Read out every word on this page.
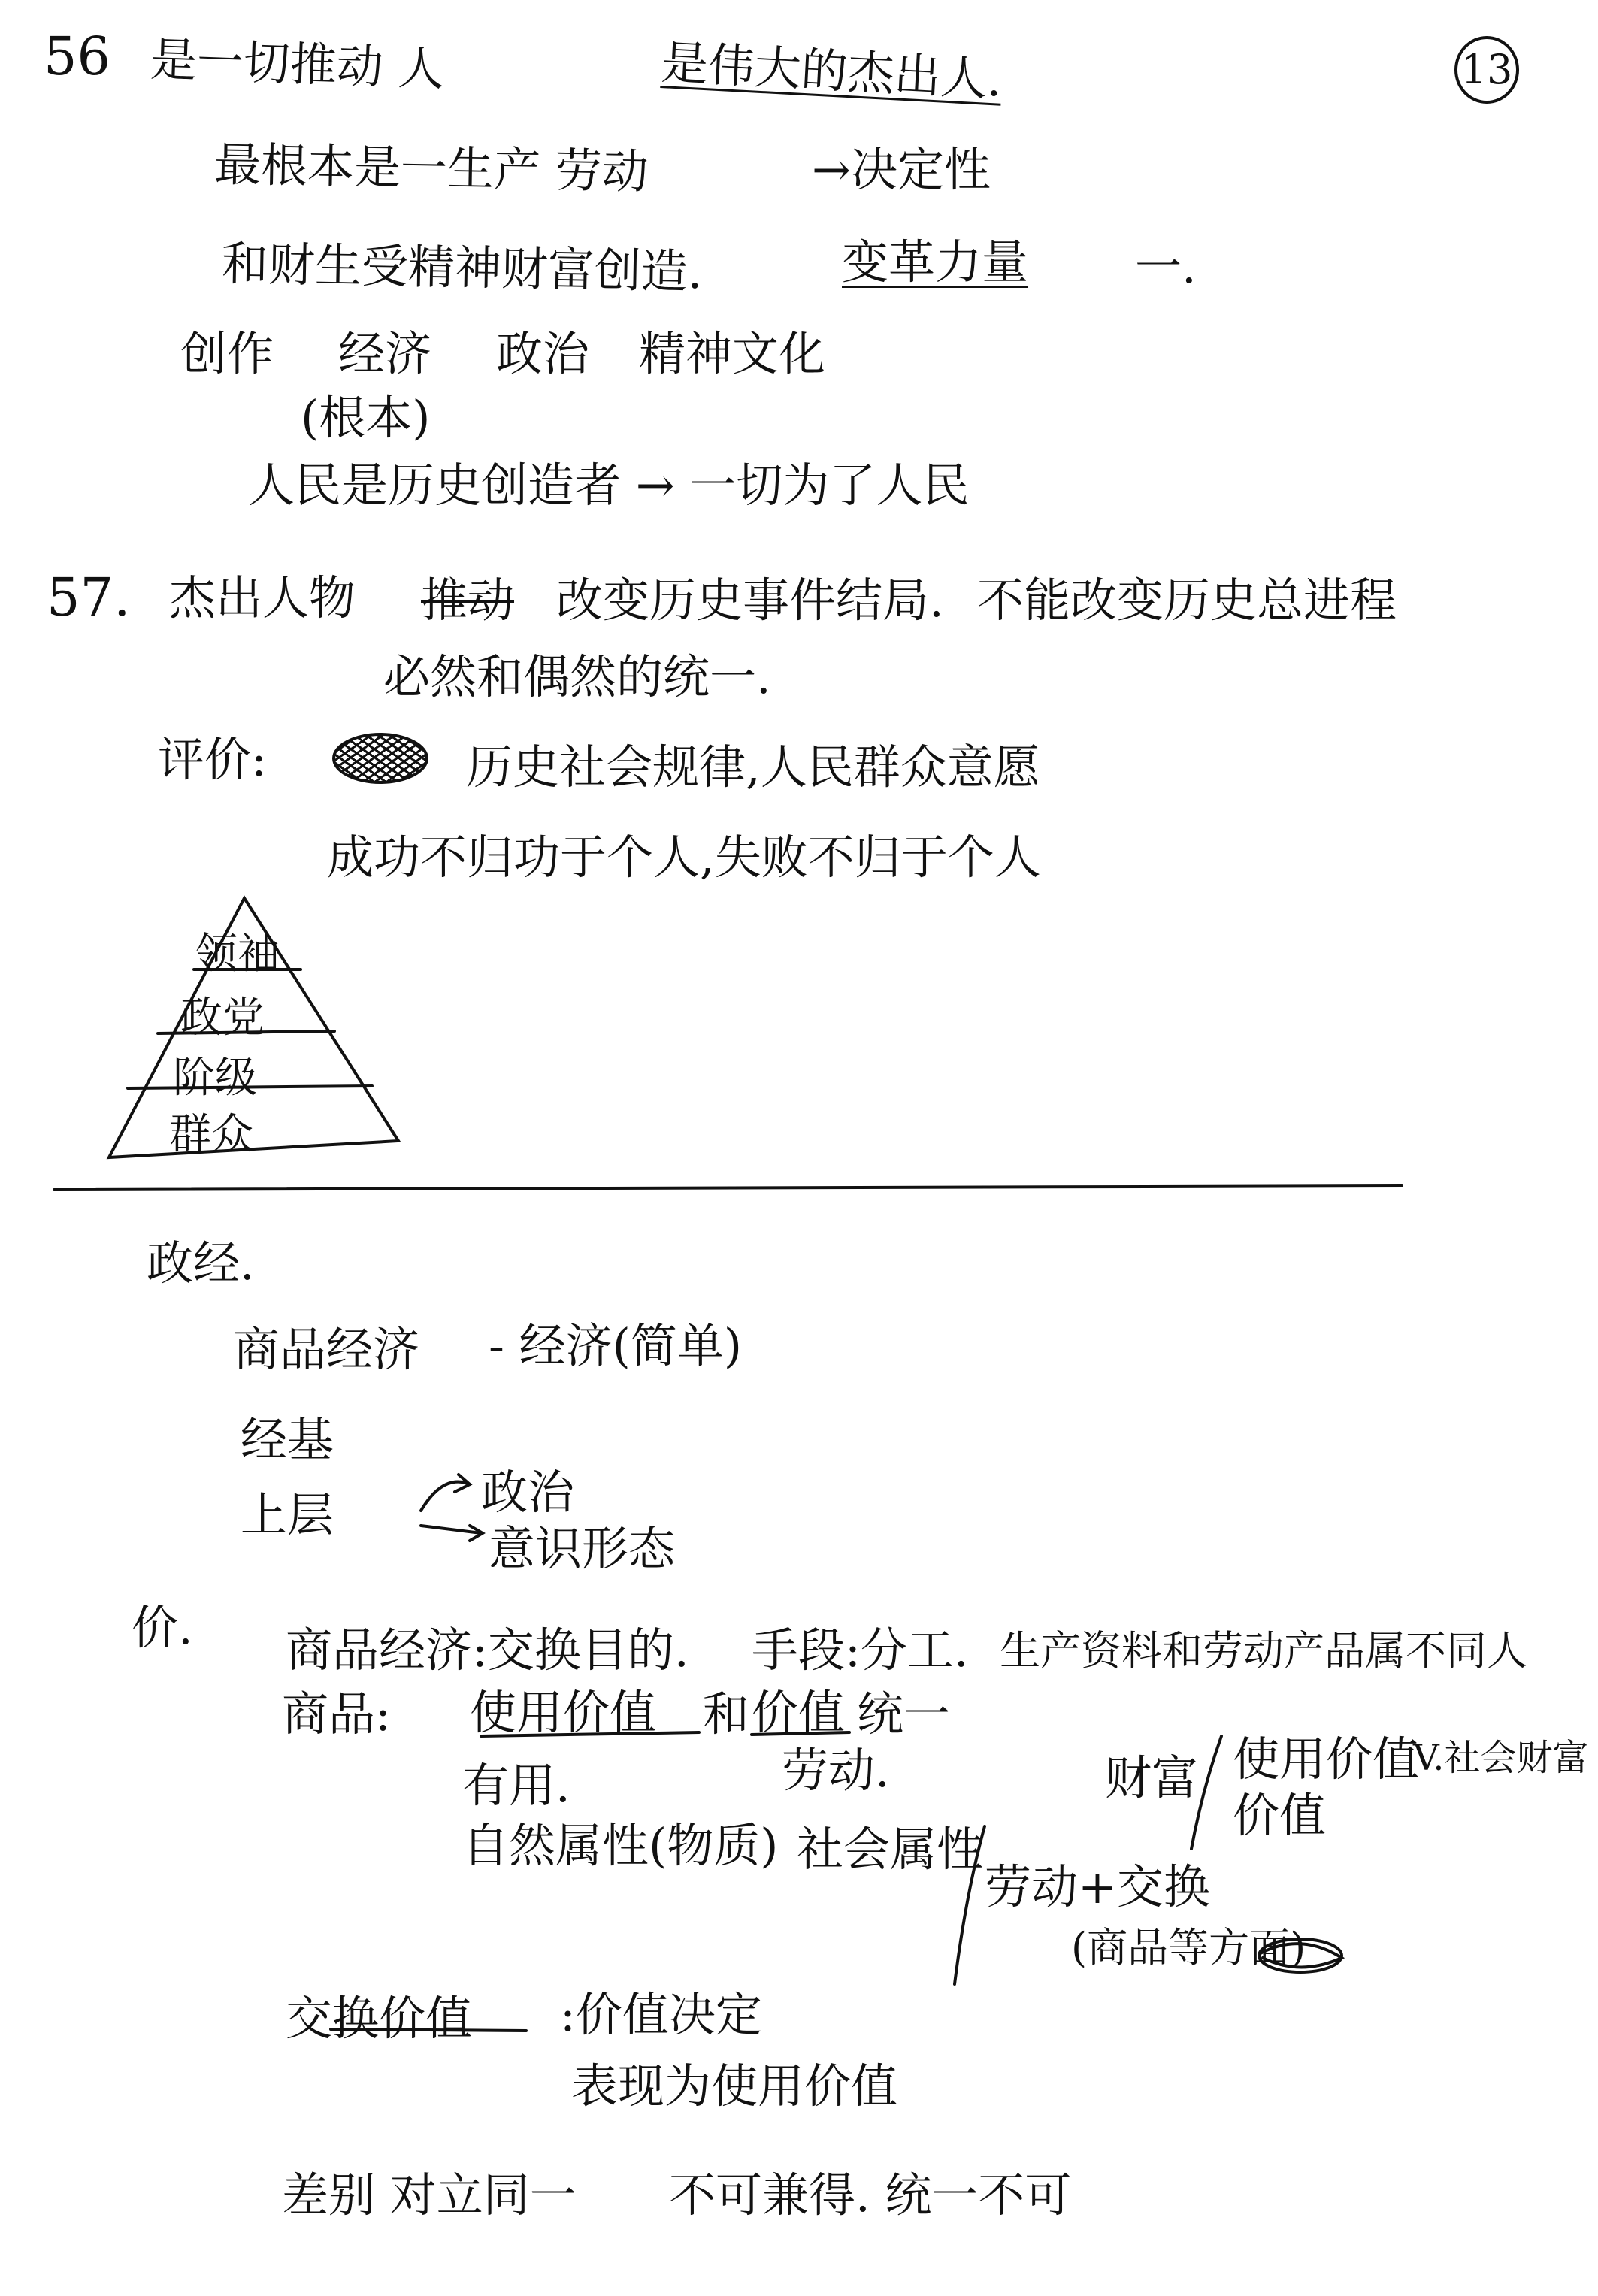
13
56 是一切推动 人	是伟大的杰出人.
最根本是一生产 劳动	→决定性
和财生受精神财富创造.	变革力量 一.
创作 经济 政治 精神文化
(根本)
人民是历史创造者 → 一切为了人民
57. 杰出人物 推动 改变历史事件结局. 不能改变历史总进程
必然和偶然的统一.
评价:	历史社会规律,人民群众意愿
成功不归功于个人,失败不归于个人
领袖
政党
阶级
群众
政经.
商品经济 - 经济(简单)
经基
上层	政治
意识形态
价. 商品经济:交换目的. 手段:分工. 生产资料和劳动产品属不同人
商品: 使用价值 和 价值 统一
有用.	劳动.
自然属性(物质) 社会属性
劳动+交换
(商品等方面)
财富 使用价值
价值
V.社会财富
交换价值 :价值决定
表现为使用价值
差别 对立同一 不可兼得. 统一不可
